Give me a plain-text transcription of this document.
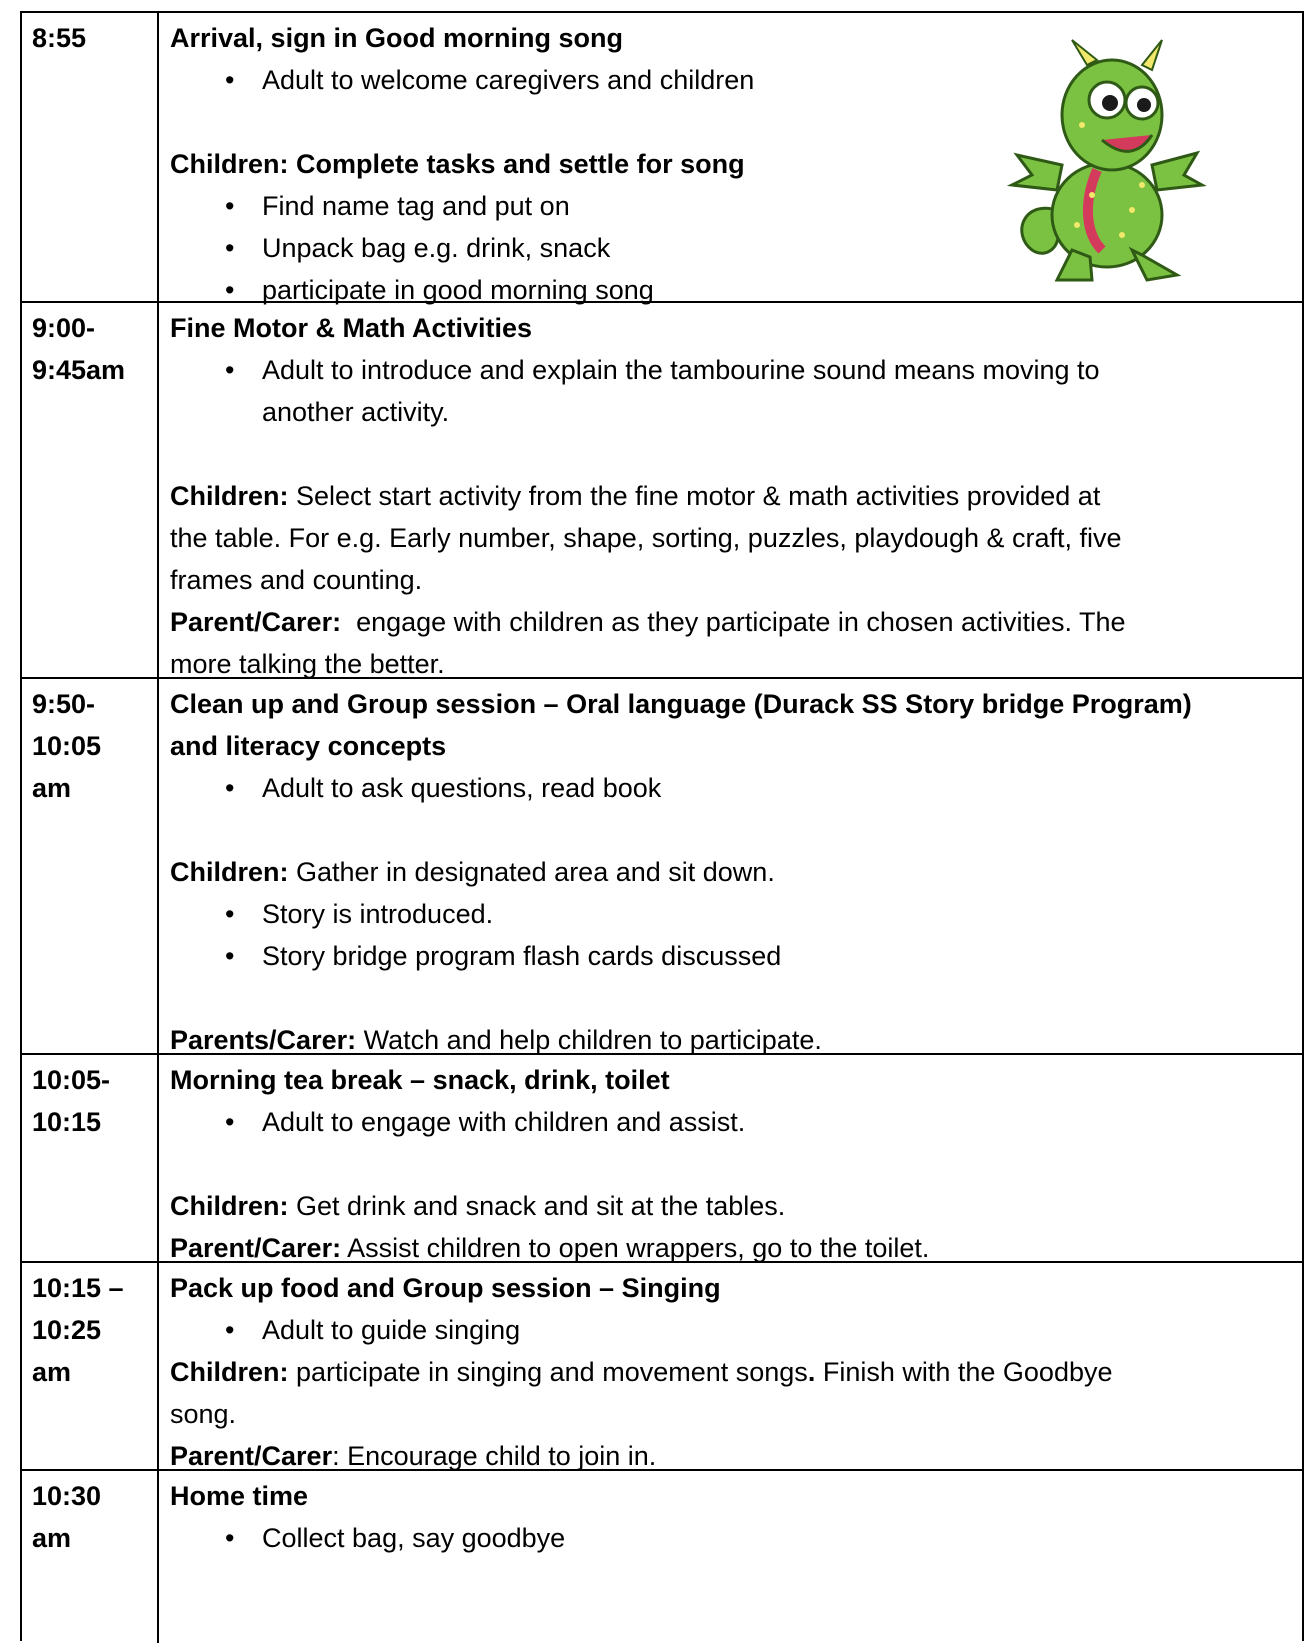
8:55	Arrival, sign in Good morning song
• Adult to welcome caregivers and children
Children: Complete tasks and settle for song
• Find name tag and put on
• Unpack bag e.g. drink, snack
• participate in good morning song
9:00-
9:45am
Fine Motor & Math Activities
• Adult to introduce and explain the tambourine sound means moving to
another activity.
Children: Select start activity from the fine motor & math activities provided at
the table. For e.g. Early number, shape, sorting, puzzles, playdough & craft, five
frames and counting.
Parent/Carer:  engage with children as they participate in chosen activities. The
more talking the better.
9:50-
10:05
am
Clean up and Group session – Oral language (Durack SS Story bridge Program)
and literacy concepts
• Adult to ask questions, read book
Children: Gather in designated area and sit down.
• Story is introduced.
• Story bridge program flash cards discussed
Parents/Carer: Watch and help children to participate.
10:05-
10:15
Morning tea break – snack, drink, toilet
• Adult to engage with children and assist.
Children: Get drink and snack and sit at the tables.
Parent/Carer: Assist children to open wrappers, go to the toilet.
10:15 –
10:25
am
Pack up food and Group session – Singing
• Adult to guide singing
Children: participate in singing and movement songs. Finish with the Goodbye
song.
Parent/Carer: Encourage child to join in.
10:30
am
Home time
• Collect bag, say goodbye
